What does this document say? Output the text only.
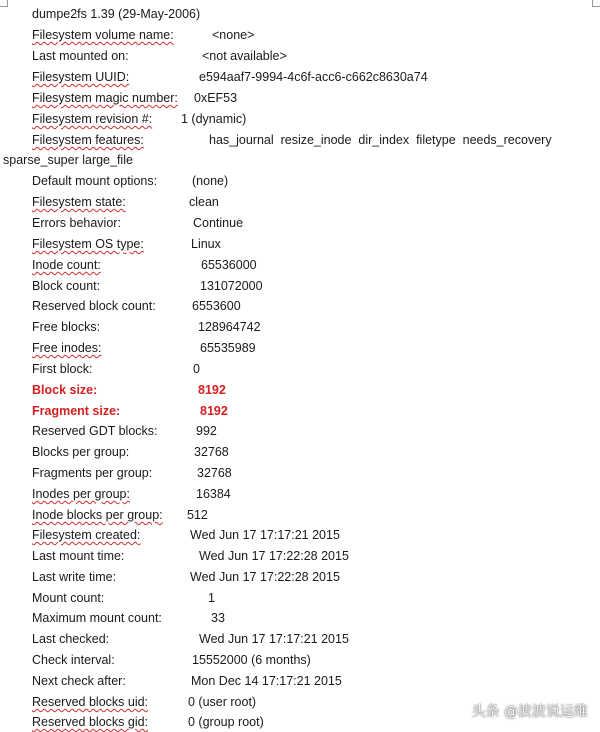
dumpe2fs 1.39 (29-May-2006)
Filesystem volume name:	<none>
Last mounted on:	<not available>
Filesystem UUID:	e594aaf7-9994-4c6f-acc6-c662c8630a74
Filesystem magic number: 0xEF53
Filesystem revision #: 1 (dynamic)
Filesystem features:	has_journal  resize_inode  dir_index  filetype  needs_recovery
sparse_super large_file
Default mount options:	(none)
Filesystem state:	clean
Errors behavior:	Continue
Filesystem OS type:	Linux
Inode count:	65536000
Block count:	131072000
Reserved block count:	6553600
Free blocks:	128964742
Free inodes:	65535989
First block:	0
Block size:	8192
Fragment size:	8192
Reserved GDT blocks:	992
Blocks per group:	32768
Fragments per group:	32768
Inodes per group:	16384
Inode blocks per group: 512
Filesystem created:	Wed Jun 17 17:17:21 2015
Last mount time:	Wed Jun 17 17:22:28 2015
Last write time:	Wed Jun 17 17:22:28 2015
Mount count:	1
Maximum mount count:	33
Last checked:	Wed Jun 17 17:17:21 2015
Check interval:	15552000 (6 months)
Next check after:	Mon Dec 14 17:17:21 2015
Reserved blocks uid:	0 (user root)
Reserved blocks gid:	0 (group root)
头条 @波波说运维
